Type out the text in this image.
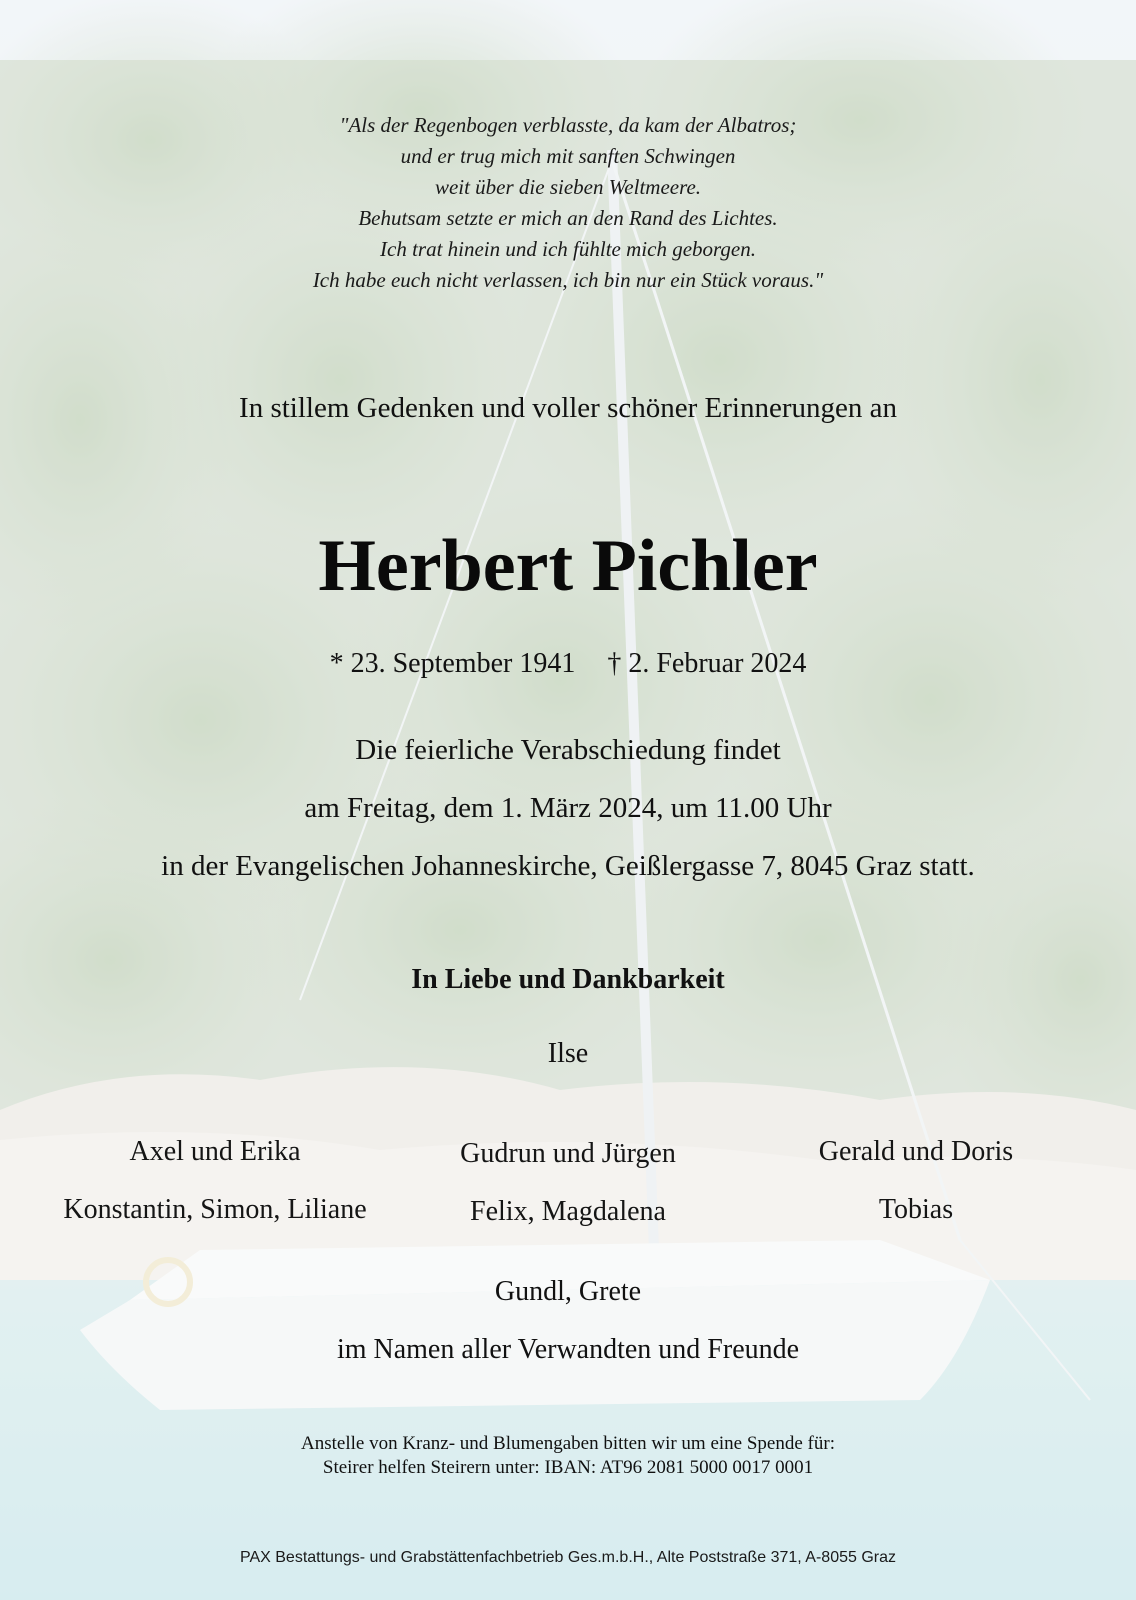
"Als der Regenbogen verblasste, da kam der Albatros;
und er trug mich mit sanften Schwingen
weit über die sieben Weltmeere.
Behutsam setzte er mich an den Rand des Lichtes.
Ich trat hinein und ich fühlte mich geborgen.
Ich habe euch nicht verlassen, ich bin nur ein Stück voraus."
In stillem Gedenken und voller schöner Erinnerungen an
Herbert Pichler
* 23. September 1941 † 2. Februar 2024
Die feierliche Verabschiedung findet
am Freitag, dem 1. März 2024, um 11.00 Uhr
in der Evangelischen Johanneskirche, Geißlergasse 7, 8045 Graz statt.
In Liebe und Dankbarkeit
Ilse
Axel und Erika
Konstantin, Simon, Liliane
Gudrun und Jürgen
Felix, Magdalena
Gerald und Doris
Tobias
Gundl, Grete
im Namen aller Verwandten und Freunde
Anstelle von Kranz- und Blumengaben bitten wir um eine Spende für:
Steirer helfen Steirern unter: IBAN: AT96 2081 5000 0017 0001
PAX Bestattungs- und Grabstättenfachbetrieb Ges.m.b.H., Alte Poststraße 371, A-8055 Graz
